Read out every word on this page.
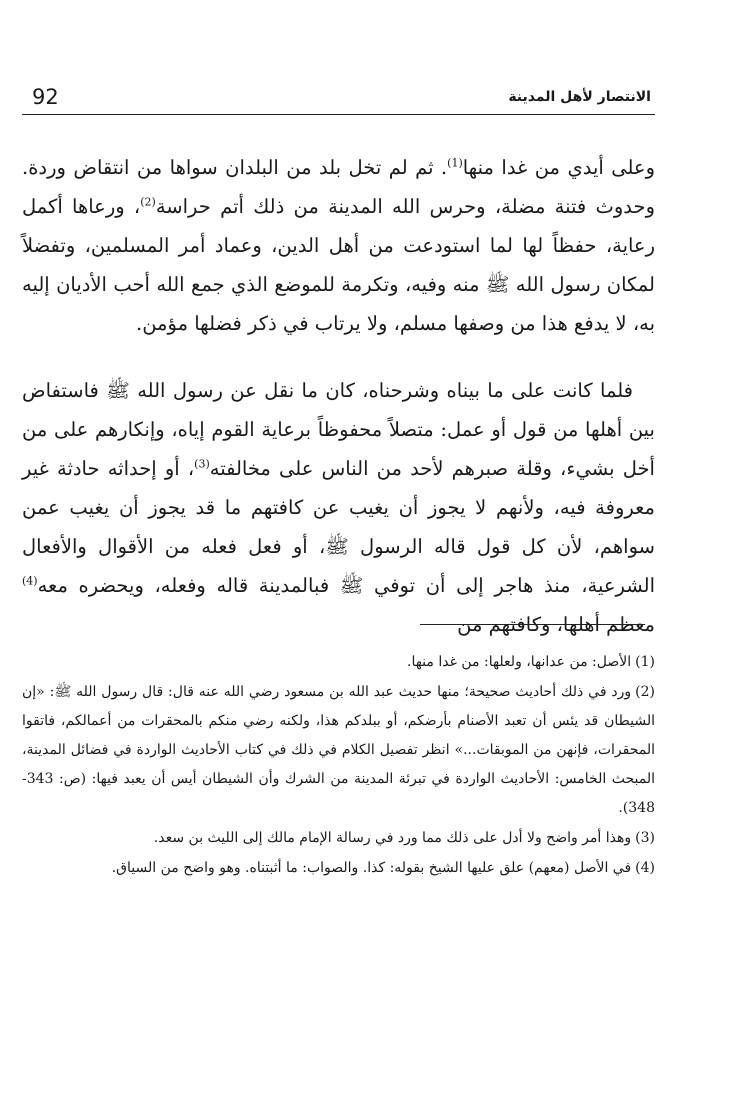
الانتصار لأهل المدينة
92

وعلى أيدي من غدا منها$^{(1)}$. ثم لم تخل بلد من البلدان سواها من انتقاض وردة. وحدوث فتنة مضلة، وحرس الله المدينة من ذلك أتم حراسة$^{(2)}$، ورعاها أكمل رعاية، حفظاً لها لما استودعت من أهل الدين، وعماد أمر المسلمين، وتفضلاً لمكان رسول الله ﷺ منه وفيه، وتكرمة للموضع الذي جمع الله أحب الأديان إليه به، لا يدفع هذا من وصفها مسلم، ولا يرتاب في ذكر فضلها مؤمن.

فلما كانت على ما بيناه وشرحناه، كان ما نقل عن رسول الله ﷺ فاستفاض بين أهلها من قول أو عمل: متصلاً محفوظاً برعاية القوم إياه، وإنكارهم على من أخل بشيء، وقلة صبرهم لأحد من الناس على مخالفته$^{(3)}$، أو إحداثه حادثة غير معروفة فيه، ولأنهم لا يجوز أن يغيب عن كافتهم ما قد يجوز أن يغيب عمن سواهم، لأن كل قول قاله الرسول ﷺ، أو فعل فعله من الأقوال والأفعال الشرعية، منذ هاجر إلى أن توفي ﷺ فبالمدينة قاله وفعله، ويحضره معه$^{(4)}$ معظم أهلها، وكافتهم من

(1)الأصل: من عدانها، ولعلها: من غدا منها.

(2)ورد في ذلك أحاديث صحيحة؛ منها حديث عبد الله بن مسعود رضي الله عنه قال: قال رسول الله ﷺ: «إن الشيطان قد يئس أن تعبد الأصنام بأرضكم، أو ببلدكم هذا، ولكنه رضي منكم بالمحقرات من أعمالكم، فاتقوا المحقرات، فإنهن من الموبقات...» انظر تفصيل الكلام في ذلك في كتاب الأحاديث الواردة في فضائل المدينة، المبحث الخامس: الأحاديث الواردة في تبرئة المدينة من الشرك وأن الشيطان أيس أن يعبد فيها: (ص: 343-348).

(3)وهذا أمر واضح ولا أدل على ذلك مما ورد في رسالة الإمام مالك إلى الليث بن سعد.

(4)في الأصل (معهم) علق عليها الشيخ بقوله: كذا. والصواب: ما أثبتناه. وهو واضح من السياق.
